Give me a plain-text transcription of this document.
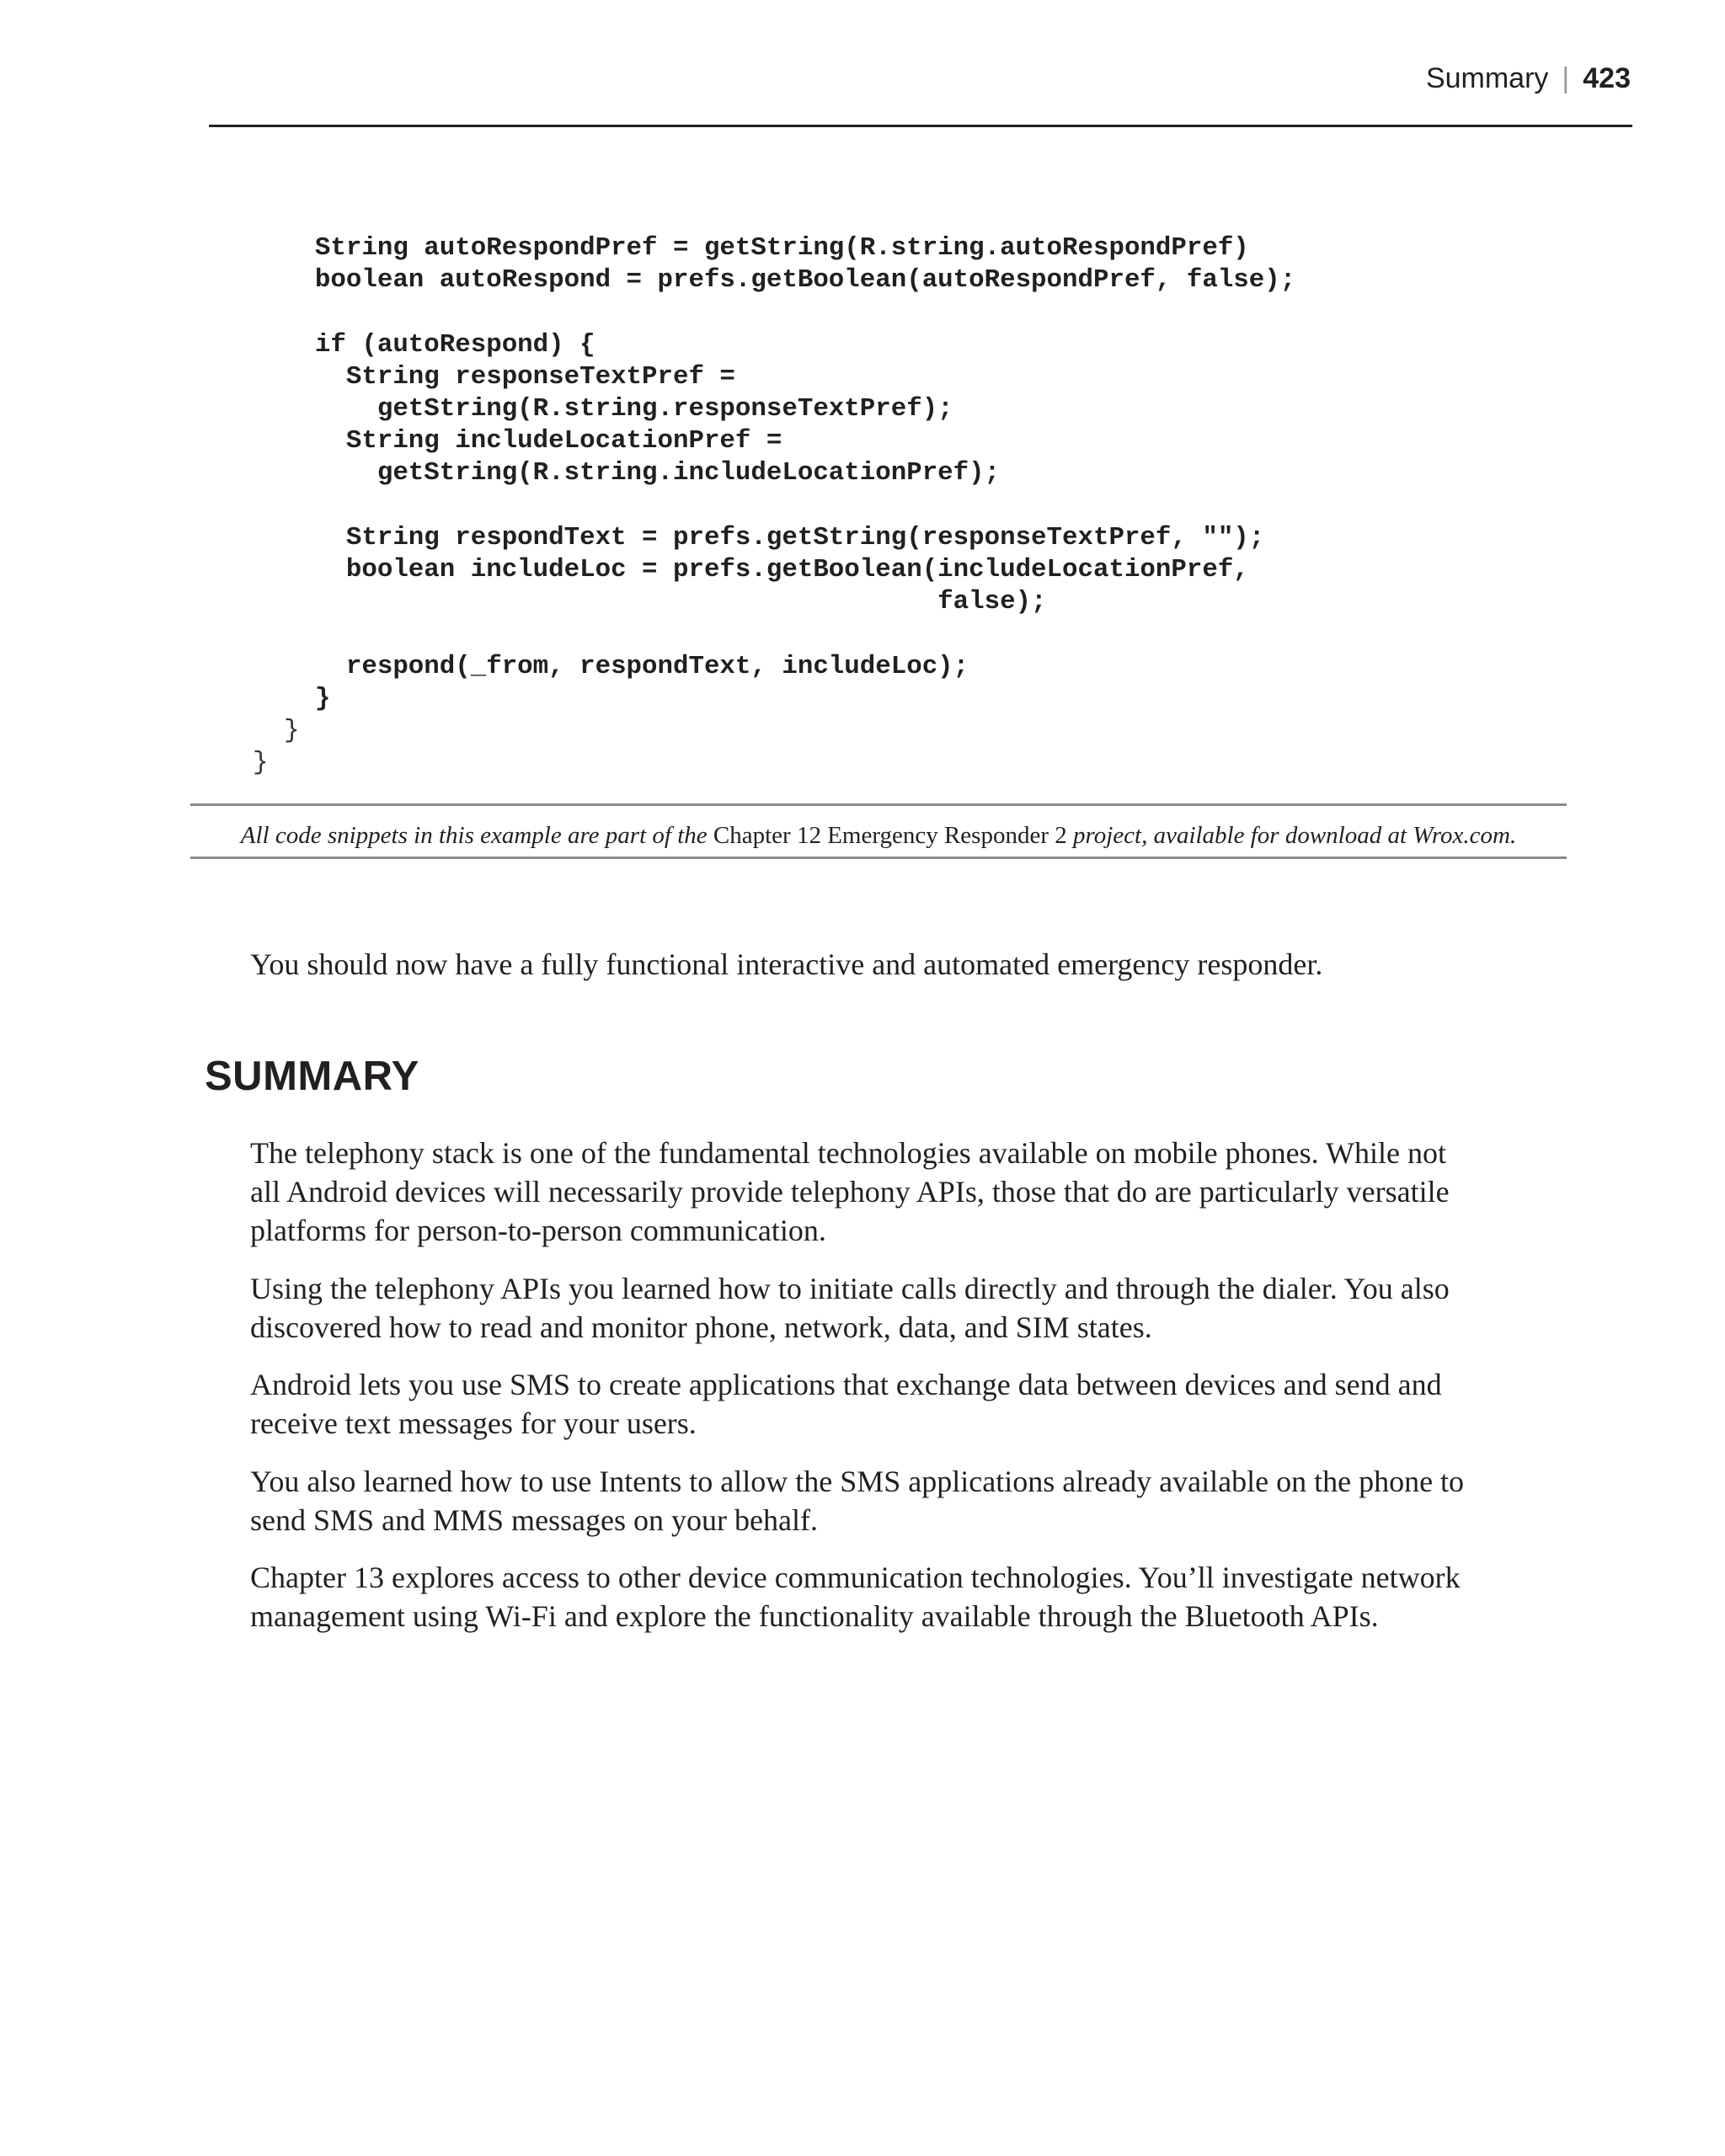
Summary | 423
String autoRespondPref = getString(R.string.autoRespondPref)
boolean autoRespond = prefs.getBoolean(autoRespondPref, false);

if (autoRespond) {
String responseTextPref =
getString(R.string.responseTextPref);
String includeLocationPref =
getString(R.string.includeLocationPref);

String respondText = prefs.getString(responseTextPref, "");
boolean includeLoc = prefs.getBoolean(includeLocationPref,
false);

respond(_from, respondText, includeLoc);
}
}
}
All code snippets in this example are part of the Chapter 12 Emergency Responder 2 project, available for download at Wrox.com.

You should now have a fully functional interactive and automated emergency responder.

SUMMARY

The telephony stack is one of the fundamental technologies available on mobile phones. While not
all Android devices will necessarily provide telephony APIs, those that do are particularly versatile
platforms for person-to-person communication.

Using the telephony APIs you learned how to initiate calls directly and through the dialer. You also
discovered how to read and monitor phone, network, data, and SIM states.

Android lets you use SMS to create applications that exchange data between devices and send and
receive text messages for your users.

You also learned how to use Intents to allow the SMS applications already available on the phone to
send SMS and MMS messages on your behalf.

Chapter 13 explores access to other device communication technologies. You’ll investigate network
management using Wi-Fi and explore the functionality available through the Bluetooth APIs.
